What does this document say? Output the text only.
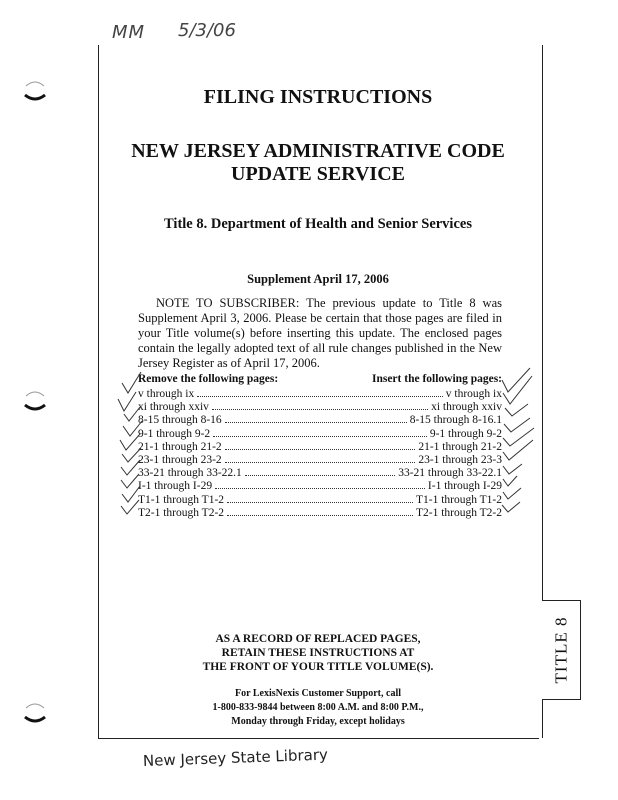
MM 5/3/06
TITLE 8
FILING INSTRUCTIONS
NEW JERSEY ADMINISTRATIVE CODE
UPDATE SERVICE
Title 8. Department of Health and Senior Services
Supplement April 17, 2006

NOTE TO SUBSCRIBER: The previous update to Title 8 was Supplement April 3, 2006. Please be certain that those pages are filed in your Title volume(s) before inserting this update. The enclosed pages contain the legally adopted text of all rule changes published in the New Jersey Register as of April 17, 2006.

Remove the following pages:	Insert the following pages:
v through ix	v through ix
xi through xxiv	xi through xxiv
8-15 through 8-16	8-15 through 8-16.1
9-1 through 9-2	9-1 through 9-2
21-1 through 21-2	21-1 through 21-2
23-1 through 23-2	23-1 through 23-3
33-21 through 33-22.1	33-21 through 33-22.1
I-1 through I-29	I-1 through I-29
T1-1 through T1-2	T1-1 through T1-2
T2-1 through T2-2	T2-1 through T2-2
AS A RECORD OF REPLACED PAGES,
RETAIN THESE INSTRUCTIONS AT
THE FRONT OF YOUR TITLE VOLUME(S).
For LexisNexis Customer Support, call
1-800-833-9844 between 8:00 A.M. and 8:00 P.M.,
Monday through Friday, except holidays
New Jersey State Library
